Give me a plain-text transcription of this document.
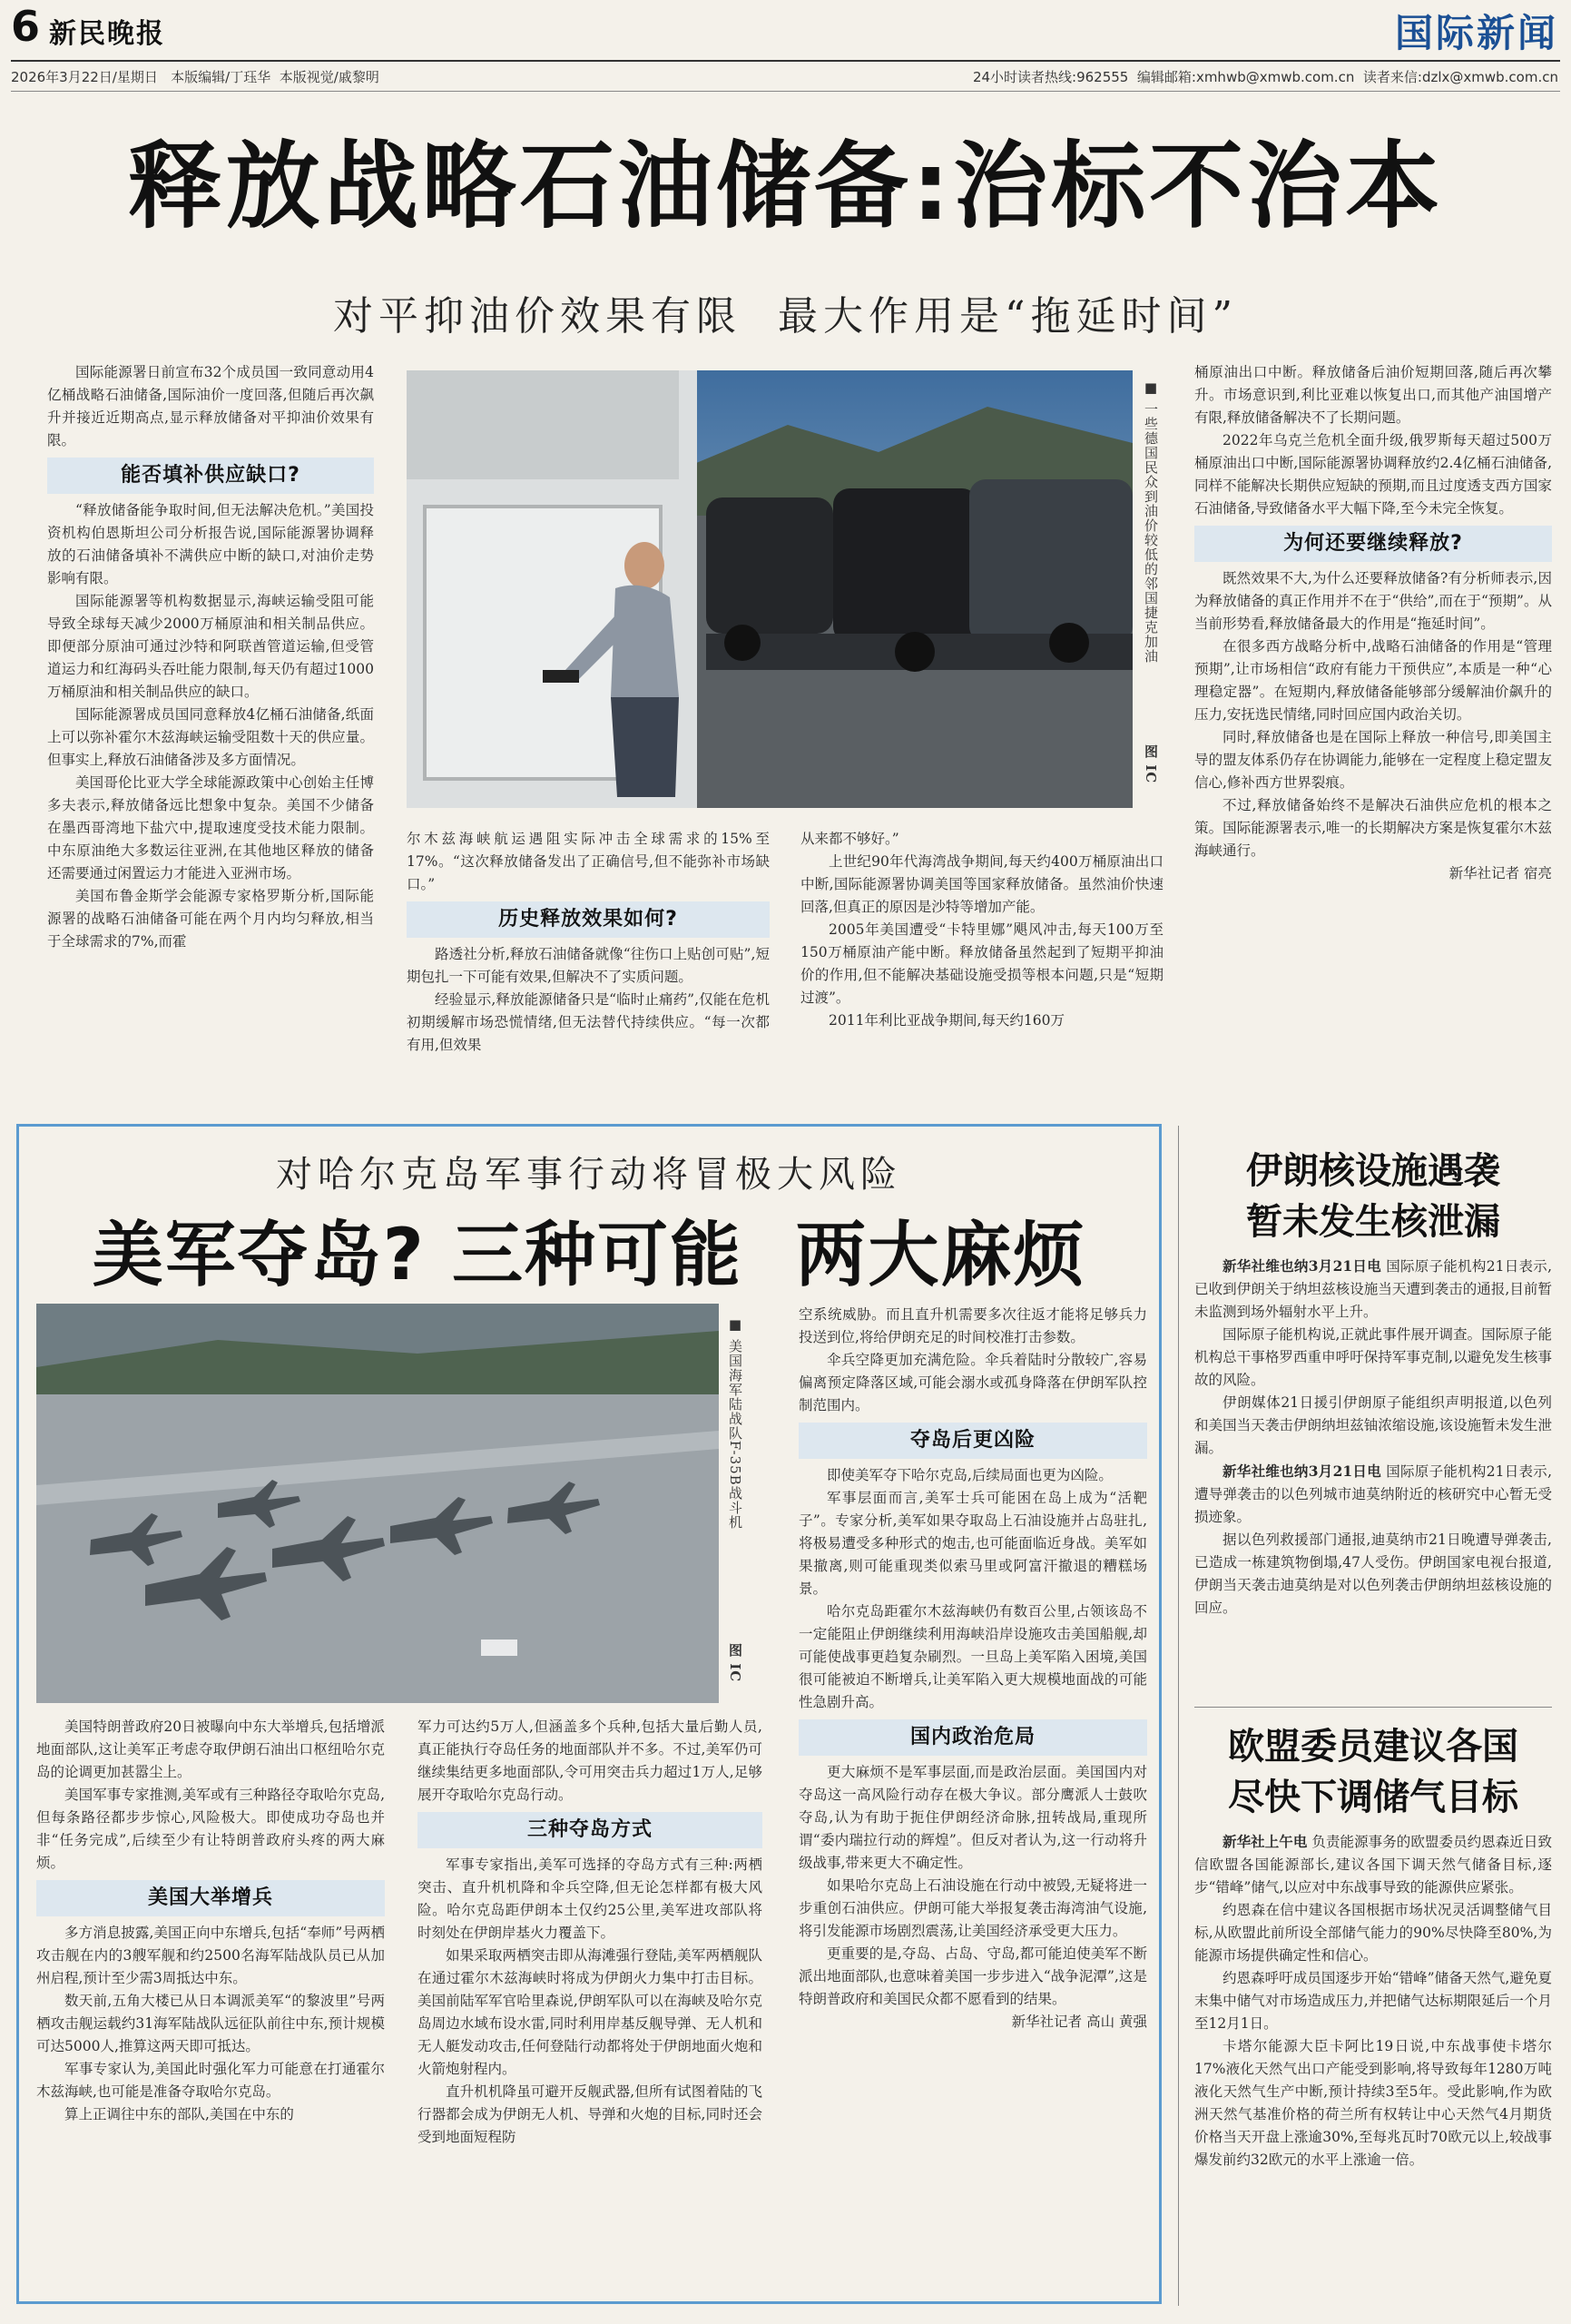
6 新民晚报	国际新闻
2026年3月22日/星期日 本版编辑/丁珏华 本版视觉/戚黎明	24小时读者热线:962555 编辑邮箱:xmhwb@xmwb.com.cn 读者来信:dzlx@xmwb.com.cn
释放战略石油储备:治标不治本
对平抑油价效果有限  最大作用是“拖延时间”

国际能源署日前宣布32个成员国一致同意动用4亿桶战略石油储备,国际油价一度回落,但随后再次飙升并接近近期高点,显示释放储备对平抑油价效果有限。

能否填补供应缺口?

“释放储备能争取时间,但无法解决危机。”美国投资机构伯恩斯坦公司分析报告说,国际能源署协调释放的石油储备填补不满供应中断的缺口,对油价走势影响有限。

国际能源署等机构数据显示,海峡运输受阻可能导致全球每天减少2000万桶原油和相关制品供应。即便部分原油可通过沙特和阿联酋管道运输,但受管道运力和红海码头吞吐能力限制,每天仍有超过1000万桶原油和相关制品供应的缺口。

国际能源署成员国同意释放4亿桶石油储备,纸面上可以弥补霍尔木兹海峡运输受阻数十天的供应量。但事实上,释放石油储备涉及多方面情况。

美国哥伦比亚大学全球能源政策中心创始主任博多夫表示,释放储备远比想象中复杂。美国不少储备在墨西哥湾地下盐穴中,提取速度受技术能力限制。中东原油绝大多数运往亚洲,在其他地区释放的储备还需要通过闲置运力才能进入亚洲市场。

美国布鲁金斯学会能源专家格罗斯分析,国际能源署的战略石油储备可能在两个月内均匀释放,相当于全球需求的7%,而霍

■ 一些德国民众到油价较低的邻国捷克加油
图 IC

尔木兹海峡航运遇阻实际冲击全球需求的15%至17%。“这次释放储备发出了正确信号,但不能弥补市场缺口。”

历史释放效果如何?

路透社分析,释放石油储备就像“往伤口上贴创可贴”,短期包扎一下可能有效果,但解决不了实质问题。

经验显示,释放能源储备只是“临时止痛药”,仅能在危机初期缓解市场恐慌情绪,但无法替代持续供应。“每一次都有用,但效果

从来都不够好。”

上世纪90年代海湾战争期间,每天约400万桶原油出口中断,国际能源署协调美国等国家释放储备。虽然油价快速回落,但真正的原因是沙特等增加产能。

2005年美国遭受“卡特里娜”飓风冲击,每天100万至150万桶原油产能中断。释放储备虽然起到了短期平抑油价的作用,但不能解决基础设施受损等根本问题,只是“短期过渡”。

2011年利比亚战争期间,每天约160万

桶原油出口中断。释放储备后油价短期回落,随后再次攀升。市场意识到,利比亚难以恢复出口,而其他产油国增产有限,释放储备解决不了长期问题。

2022年乌克兰危机全面升级,俄罗斯每天超过500万桶原油出口中断,国际能源署协调释放约2.4亿桶石油储备,同样不能解决长期供应短缺的预期,而且过度透支西方国家石油储备,导致储备水平大幅下降,至今未完全恢复。

为何还要继续释放?

既然效果不大,为什么还要释放储备?有分析师表示,因为释放储备的真正作用并不在于“供给”,而在于“预期”。从当前形势看,释放储备最大的作用是“拖延时间”。

在很多西方战略分析中,战略石油储备的作用是“管理预期”,让市场相信“政府有能力干预供应”,本质是一种“心理稳定器”。在短期内,释放储备能够部分缓解油价飙升的压力,安抚选民情绪,同时回应国内政治关切。

同时,释放储备也是在国际上释放一种信号,即美国主导的盟友体系仍存在协调能力,能够在一定程度上稳定盟友信心,修补西方世界裂痕。

不过,释放储备始终不是解决石油供应危机的根本之策。国际能源署表示,唯一的长期解决方案是恢复霍尔木兹海峡通行。

新华社记者 宿亮
对哈尔克岛军事行动将冒极大风险
美军夺岛? 三种可能  两大麻烦
■ 美国海军陆战队F-35B战斗机
图 IC

美国特朗普政府20日被曝向中东大举增兵,包括增派地面部队,这让美军正考虑夺取伊朗石油出口枢纽哈尔克岛的论调更加甚嚣尘上。

美国军事专家推测,美军或有三种路径夺取哈尔克岛,但每条路径都步步惊心,风险极大。即使成功夺岛也并非“任务完成”,后续至少有让特朗普政府头疼的两大麻烦。

美国大举增兵

多方消息披露,美国正向中东增兵,包括“奉师”号两栖攻击舰在内的3艘军舰和约2500名海军陆战队员已从加州启程,预计至少需3周抵达中东。

数天前,五角大楼已从日本调派美军“的黎波里”号两栖攻击舰运载约31海军陆战队远征队前往中东,预计规模可达5000人,推算这两天即可抵达。

军事专家认为,美国此时强化军力可能意在打通霍尔木兹海峡,也可能是准备夺取哈尔克岛。

算上正调往中东的部队,美国在中东的

军力可达约5万人,但涵盖多个兵种,包括大量后勤人员,真正能执行夺岛任务的地面部队并不多。不过,美军仍可继续集结更多地面部队,令可用突击兵力超过1万人,足够展开夺取哈尔克岛行动。

三种夺岛方式

军事专家指出,美军可选择的夺岛方式有三种:两栖突击、直升机机降和伞兵空降,但无论怎样都有极大风险。哈尔克岛距伊朗本土仅约25公里,美军进攻部队将时刻处在伊朗岸基火力覆盖下。

如果采取两栖突击即从海滩强行登陆,美军两栖舰队在通过霍尔木兹海峡时将成为伊朗火力集中打击目标。美国前陆军军官哈里森说,伊朗军队可以在海峡及哈尔克岛周边水域布设水雷,同时利用岸基反舰导弹、无人机和无人艇发动攻击,任何登陆行动都将处于伊朗地面火炮和火箭炮射程内。

直升机机降虽可避开反舰武器,但所有试图着陆的飞行器都会成为伊朗无人机、导弹和火炮的目标,同时还会受到地面短程防

空系统威胁。而且直升机需要多次往返才能将足够兵力投送到位,将给伊朗充足的时间校准打击参数。

伞兵空降更加充满危险。伞兵着陆时分散较广,容易偏离预定降落区域,可能会溺水或孤身降落在伊朗军队控制范围内。

夺岛后更凶险

即使美军夺下哈尔克岛,后续局面也更为凶险。

军事层面而言,美军士兵可能困在岛上成为“活靶子”。专家分析,美军如果夺取岛上石油设施并占岛驻扎,将极易遭受多种形式的炮击,也可能面临近身战。美军如果撤离,则可能重现类似索马里或阿富汗撤退的糟糕场景。

哈尔克岛距霍尔木兹海峡仍有数百公里,占领该岛不一定能阻止伊朗继续利用海峡沿岸设施攻击美国船舰,却可能使战事更趋复杂刷烈。一旦岛上美军陷入困境,美国很可能被迫不断增兵,让美军陷入更大规模地面战的可能性急剧升高。

国内政治危局

更大麻烦不是军事层面,而是政治层面。美国国内对夺岛这一高风险行动存在极大争议。部分鹰派人士鼓吹夺岛,认为有助于扼住伊朗经济命脉,扭转战局,重现所谓“委内瑞拉行动的辉煌”。但反对者认为,这一行动将升级战事,带来更大不确定性。

如果哈尔克岛上石油设施在行动中被毁,无疑将进一步重创石油供应。伊朗可能大举报复袭击海湾油气设施,将引发能源市场剧烈震荡,让美国经济承受更大压力。

更重要的是,夺岛、占岛、守岛,都可能迫使美军不断派出地面部队,也意味着美国一步步进入“战争泥潭”,这是特朗普政府和美国民众都不愿看到的结果。

新华社记者 高山 黄强
伊朗核设施遇袭
暂未发生核泄漏

新华社维也纳3月21日电 国际原子能机构21日表示,已收到伊朗关于纳坦兹核设施当天遭到袭击的通报,目前暂未监测到场外辐射水平上升。

国际原子能机构说,正就此事件展开调查。国际原子能机构总干事格罗西重申呼吁保持军事克制,以避免发生核事故的风险。

伊朗媒体21日援引伊朗原子能组织声明报道,以色列和美国当天袭击伊朗纳坦兹铀浓缩设施,该设施暂未发生泄漏。

新华社维也纳3月21日电 国际原子能机构21日表示,遭导弹袭击的以色列城市迪莫纳附近的核研究中心暂无受损迹象。

据以色列救援部门通报,迪莫纳市21日晚遭导弹袭击,已造成一栋建筑物倒塌,47人受伤。伊朗国家电视台报道,伊朗当天袭击迪莫纳是对以色列袭击伊朗纳坦兹核设施的回应。

欧盟委员建议各国
尽快下调储气目标

新华社上午电 负责能源事务的欧盟委员约恩森近日致信欧盟各国能源部长,建议各国下调天然气储备目标,逐步“错峰”储气,以应对中东战事导致的能源供应紧张。

约恩森在信中建议各国根据市场状况灵活调整储气目标,从欧盟此前所设全部储气能力的90%尽快降至80%,为能源市场提供确定性和信心。

约恩森呼吁成员国逐步开始“错峰”储备天然气,避免夏末集中储气对市场造成压力,并把储气达标期限延后一个月至12月1日。

卡塔尔能源大臣卡阿比19日说,中东战事使卡塔尔17%液化天然气出口产能受到影响,将导致每年1280万吨液化天然气生产中断,预计持续3至5年。受此影响,作为欧洲天然气基准价格的荷兰所有权转让中心天然气4月期货价格当天开盘上涨逾30%,至每兆瓦时70欧元以上,较战事爆发前约32欧元的水平上涨逾一倍。
